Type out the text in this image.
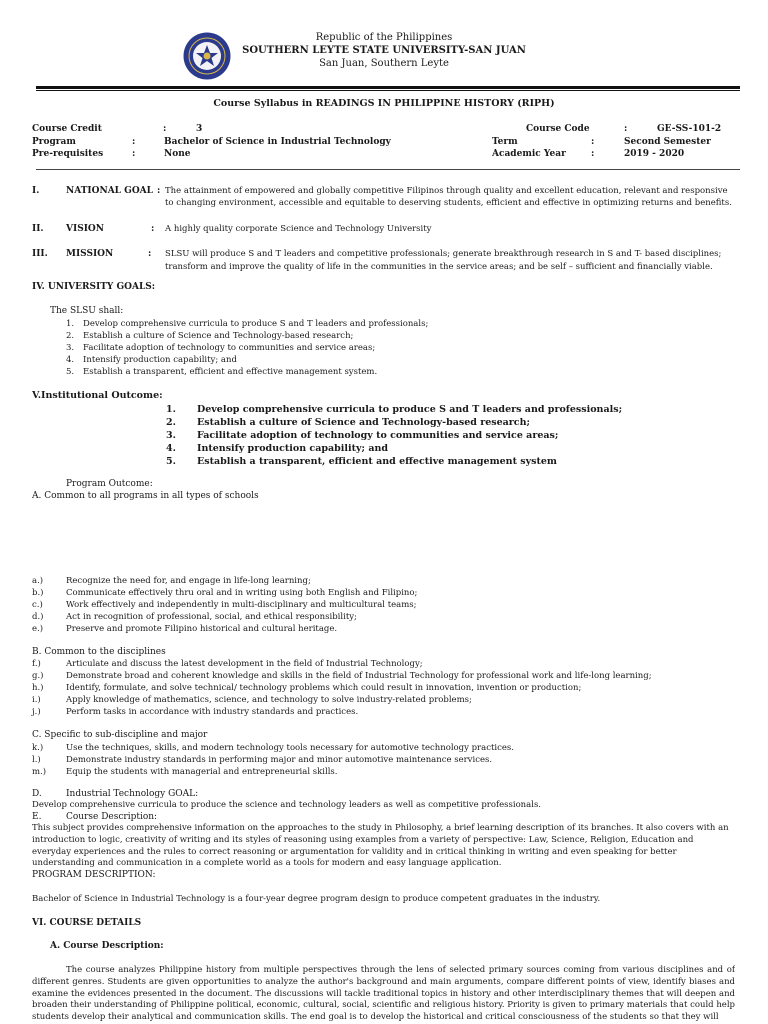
Republic of the Philippines
SOUTHERN LEYTE STATE UNIVERSITY-SAN JUAN
San Juan, Southern Leyte
Course Syllabus in READINGS IN PHILIPPINE HISTORY (RIPH)
Course Credit	:	3
Program	:	Bachelor of Science in Industrial Technology
Pre-requisites	:	None
Course Code	:	GE-SS-101-2
Term	:	Second Semester
Academic Year	:	2019 - 2020
I.	NATIONAL GOAL : The attainment of empowered and globally competitive Filipinos through quality and excellent education, relevant and responsive
to changing environment, accessible and equitable to deserving students, efficient and effective in optimizing returns and benefits.
II. VISION	: A highly quality corporate Science and Technology University
III. MISSION	: SLSU will produce S and T leaders and competitive professionals; generate breakthrough research in S and T- based disciplines;
transform and improve the quality of life in the communities in the service areas; and be self – sufficient and financially viable.
IV. UNIVERSITY GOALS:
The SLSU shall:
1. Develop comprehensive curricula to produce S and T leaders and professionals;
2. Establish a culture of Science and Technology-based research;
3. Facilitate adoption of technology to communities and service areas;
4. Intensify production capability; and
5. Establish a transparent, efficient and effective management system.
V.Institutional Outcome:
1. Develop comprehensive curricula to produce S and T leaders and professionals;
2. Establish a culture of Science and Technology-based research;
3. Facilitate adoption of technology to communities and service areas;
4. Intensify production capability; and
5. Establish a transparent, efficient and effective management system
Program Outcome:
A. Common to all programs in all types of schools
a.)	Recognize the need for, and engage in life-long learning;
b.)	Communicate effectively thru oral and in writing using both English and Filipino;
c.)	Work effectively and independently in multi-disciplinary and multicultural teams;
d.)	Act in recognition of professional, social, and ethical responsibility;
e.)	Preserve and promote Filipino historical and cultural heritage.
B. Common to the disciplines
f.)	Articulate and discuss the latest development in the field of Industrial Technology;
g.)	Demonstrate broad and coherent knowledge and skills in the field of Industrial Technology for professional work and life-long learning;
h.)	Identify, formulate, and solve technical/ technology problems which could result in innovation, invention or production;
i.)	Apply knowledge of mathematics, science, and technology to solve industry-related problems;
j.)	Perform tasks in accordance with industry standards and practices.
C. Specific to sub-discipline and major
k.)	Use the techniques, skills, and modern technology tools necessary for automotive technology practices.
l.)	Demonstrate industry standards in performing major and minor automotive maintenance services.
m.) Equip the students with managerial and entrepreneurial skills.
D.	Industrial Technology GOAL:
Develop comprehensive curricula to produce the science and technology leaders as well as competitive professionals.
E.	Course Description:
This subject provides comprehensive information on the approaches to the study in Philosophy, a brief learning description of its branches. It also covers with an introduction to logic, creativity of writing and its styles of reasoning using examples from a variety of perspective: Law, Science, Religion, Education and everyday experiences and the rules to correct reasoning or argumentation for validity and in critical thinking in writing and even speaking for better understanding and communication in a complete world as a tools for modern and easy language application.
PROGRAM DESCRIPTION:
Bachelor of Science in Industrial Technology is a four-year degree program design to produce competent graduates in the industry.
VI. COURSE DETAILS
A. Course Description:
The course analyzes Philippine history from multiple perspectives through the lens of selected primary sources coming from various disciplines and of different genres. Students are given opportunities to analyze the author's background and main arguments, compare different points of view, identify biases and examine the evidences presented in the document. The discussions will tackle traditional topics in history and other interdisciplinary themes that will deepen and broaden their understanding of Philippine political, economic, cultural, social, scientific and religious history. Priority is given to primary materials that could help students develop their analytical and communication skills. The end goal is to develop the historical and critical consciousness of the students so that they will
